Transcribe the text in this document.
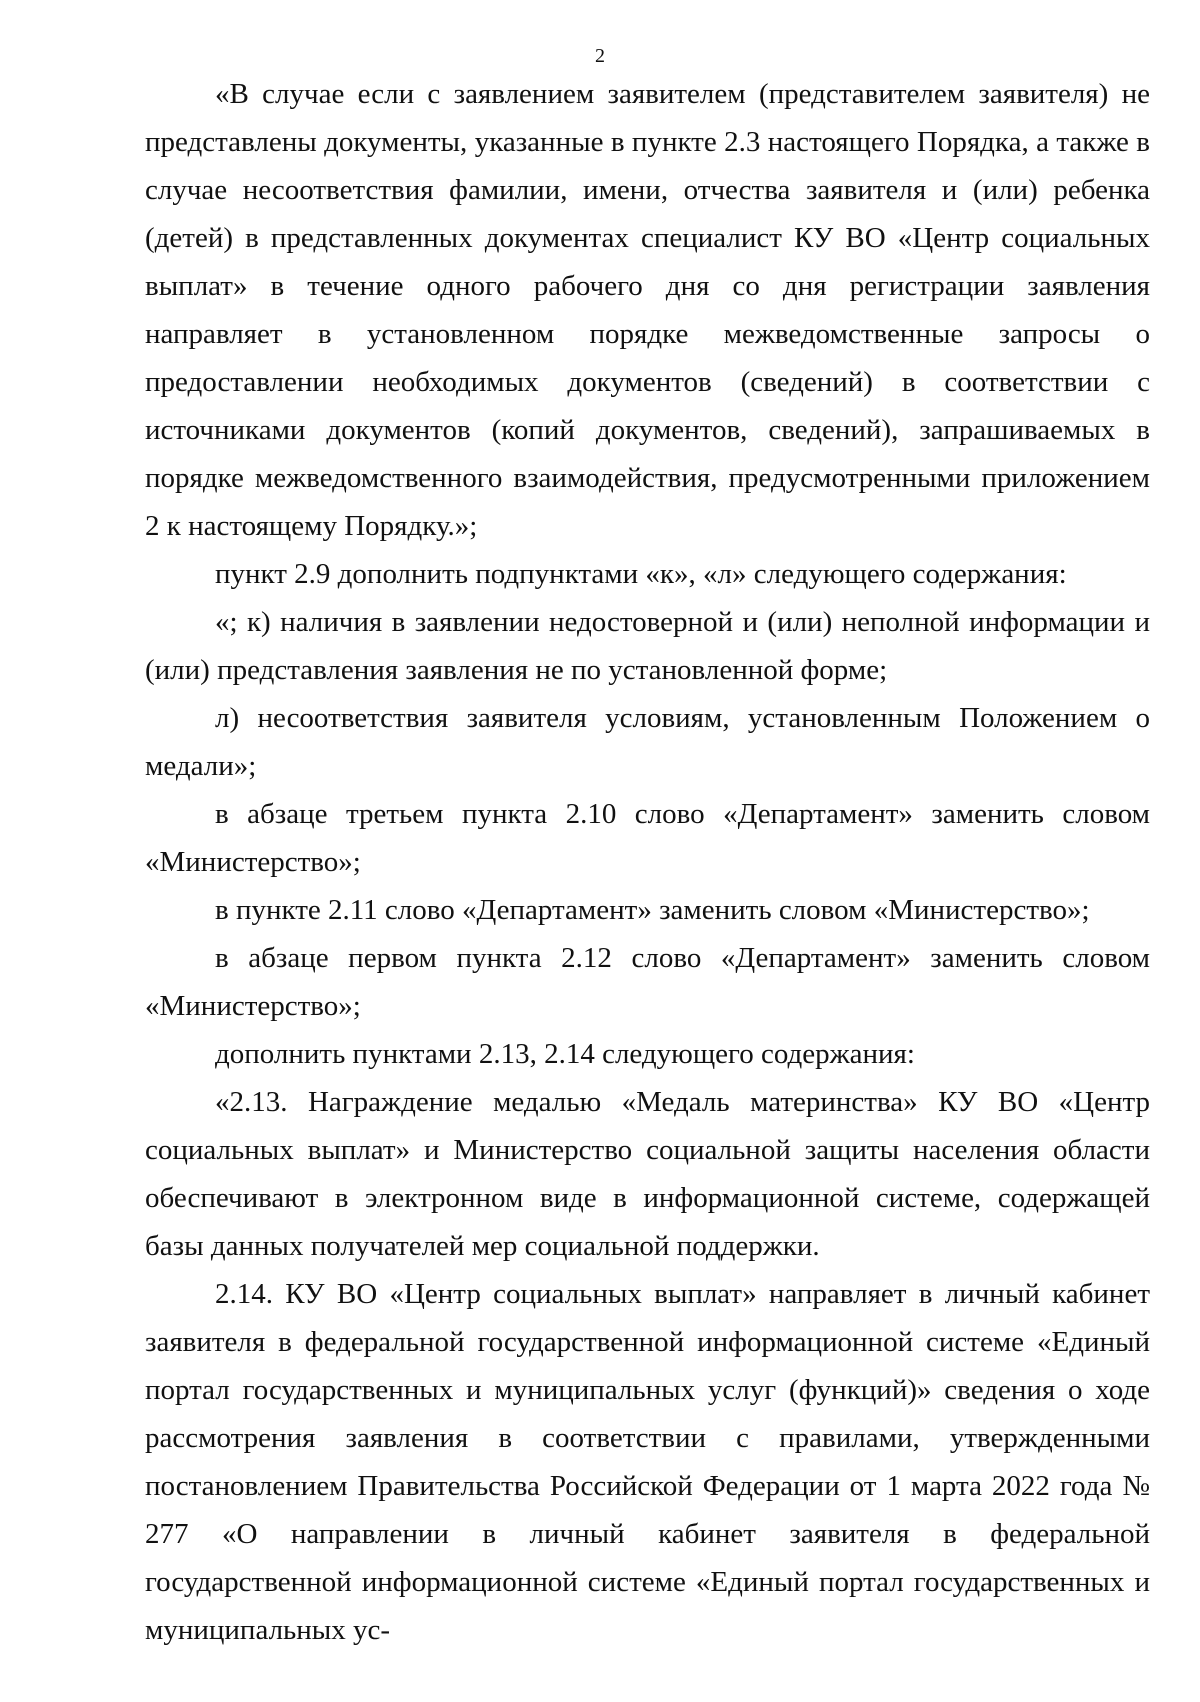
2

«В случае если с заявлением заявителем (представителем заявителя) не представлены документы, указанные в пункте 2.3 настоящего Порядка, а также в случае несоответствия фамилии, имени, отчества заявителя и (или) ребенка (детей) в представленных документах специалист КУ ВО «Центр социальных выплат» в течение одного рабочего дня со дня регистрации заявления направляет в установленном порядке межведомственные запросы о предоставлении необходимых документов (сведений) в соответствии с источниками документов (копий документов, сведений), запрашиваемых в порядке межведомственного взаимодействия, предусмотренными приложением 2 к настоящему Порядку.»;

пункт 2.9 дополнить подпунктами «к», «л» следующего содержания:

«; к) наличия в заявлении недостоверной и (или) неполной информации и (или) представления заявления не по установленной форме;

л) несоответствия заявителя условиям, установленным Положением о медали»;

в абзаце третьем пункта 2.10 слово «Департамент» заменить словом «Министерство»;

в пункте 2.11 слово «Департамент» заменить словом «Министерство»;

в абзаце первом пункта 2.12 слово «Департамент» заменить словом «Министерство»;

дополнить пунктами 2.13, 2.14 следующего содержания:

«2.13. Награждение медалью «Медаль материнства» КУ ВО «Центр социальных выплат» и Министерство социальной защиты населения области обеспечивают в электронном виде в информационной системе, содержащей базы данных получателей мер социальной поддержки.

2.14. КУ ВО «Центр социальных выплат» направляет в личный кабинет заявителя в федеральной государственной информационной системе «Единый портал государственных и муниципальных услуг (функций)» сведения о ходе рассмотрения заявления в соответствии с правилами, утвержденными постановлением Правительства Российской Федерации от 1 марта 2022 года № 277 «О направлении в личный кабинет заявителя в федеральной государственной информационной системе «Единый портал государственных и муниципальных ус-
